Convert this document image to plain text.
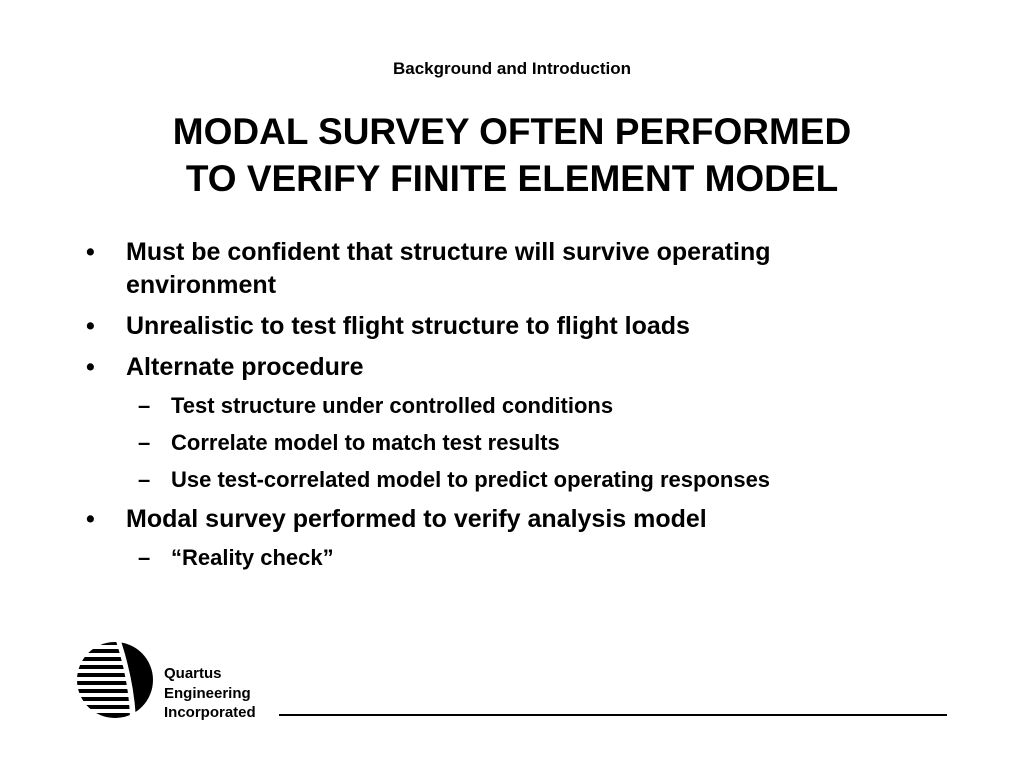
Background and Introduction
MODAL SURVEY OFTEN PERFORMED
TO VERIFY FINITE ELEMENT MODEL
• Must be confident that structure will survive operating environment
• Unrealistic to test flight structure to flight loads
• Alternate procedure
– Test structure under controlled conditions
– Correlate model to match test results
– Use test-correlated model to predict operating responses
• Modal survey performed to verify analysis model
– “Reality check”
Quartus
Engineering
Incorporated
